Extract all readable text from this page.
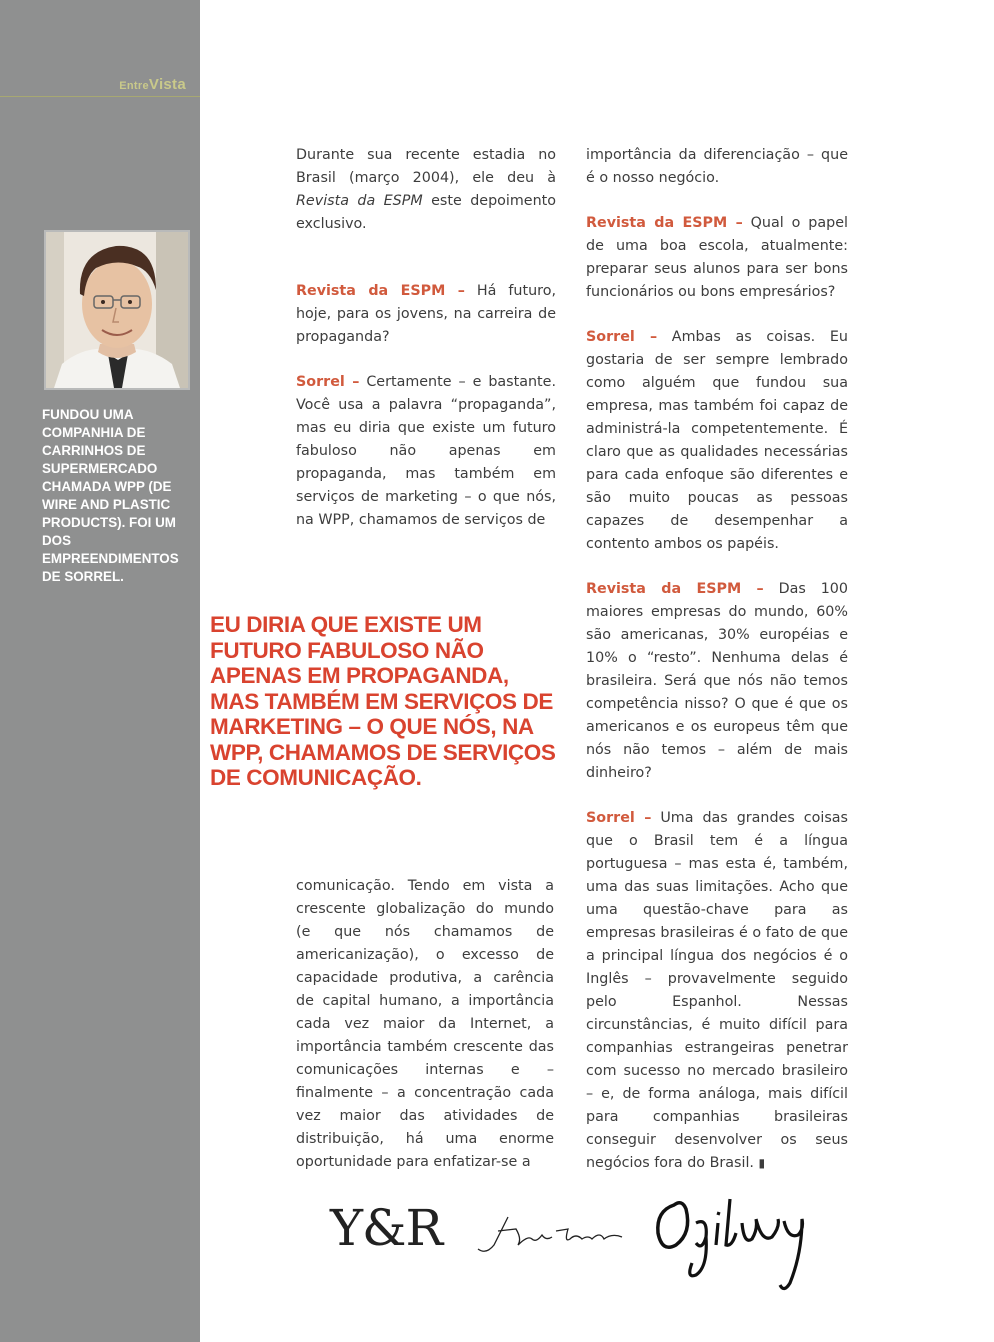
EntreVista
FUNDOU UMA COMPANHIA DE CARRINHOS DE SUPERMERCADO CHAMADA WPP (DE WIRE AND PLASTIC PRODUCTS). FOI UM DOS EMPREENDIMENTOS DE SORREL.

Durante sua recente estadia no Brasil (março 2004), ele deu à Revista da ESPM este depoimento exclusivo.

Revista da ESPM – Há futuro, hoje, para os jovens, na carreira de propaganda?

Sorrel – Certamente – e bastante. Você usa a palavra “propaganda”, mas eu diria que existe um futuro fabuloso não apenas em propaganda, mas também em serviços de marketing – o que nós, na WPP, chamamos de serviços de

EU DIRIA QUE EXISTE UM FUTURO FABULOSO NÃO APENAS EM PROPAGANDA, MAS TAMBÉM EM SERVIÇOS DE MARKETING – O QUE NÓS, NA WPP, CHAMAMOS DE SERVIÇOS DE COMUNICAÇÃO.

comunicação. Tendo em vista a crescente globalização do mundo (e que nós chamamos de americanização), o excesso de capacidade produtiva, a carência de capital humano, a importância cada vez maior da Internet, a importância também crescente das comunicações internas e – finalmente – a concentração cada vez maior das atividades de distribuição, há uma enorme oportunidade para enfatizar-se a

importância da diferenciação – que é o nosso negócio.

Revista da ESPM – Qual o papel de uma boa escola, atualmente: preparar seus alunos para ser bons funcionários ou bons empresários?

Sorrel – Ambas as coisas. Eu gostaria de ser sempre lembrado como alguém que fundou sua empresa, mas também foi capaz de administrá-la competentemente. É claro que as qualidades necessárias para cada enfoque são diferentes e são muito poucas as pessoas capazes de desempenhar a contento ambos os papéis.

Revista da ESPM – Das 100 maiores empresas do mundo, 60% são americanas, 30% européias e 10% o “resto”. Nenhuma delas é brasileira. Será que nós não temos competência nisso? O que é que os americanos e os europeus têm que nós não temos – além de mais dinheiro?

Sorrel – Uma das grandes coisas que o Brasil tem é a língua portuguesa – mas esta é, também, uma das suas limitações. Acho que uma questão-chave para as empresas brasileiras é o fato de que a principal língua dos negócios é o Inglês – provavelmente seguido pelo Espanhol. Nessas circunstâncias, é muito difícil para companhias estrangeiras penetrar com sucesso no mercado brasileiro – e, de forma análoga, mais difícil para companhias brasileiras conseguir desenvolver os seus negócios fora do Brasil. ▮

Y&R
